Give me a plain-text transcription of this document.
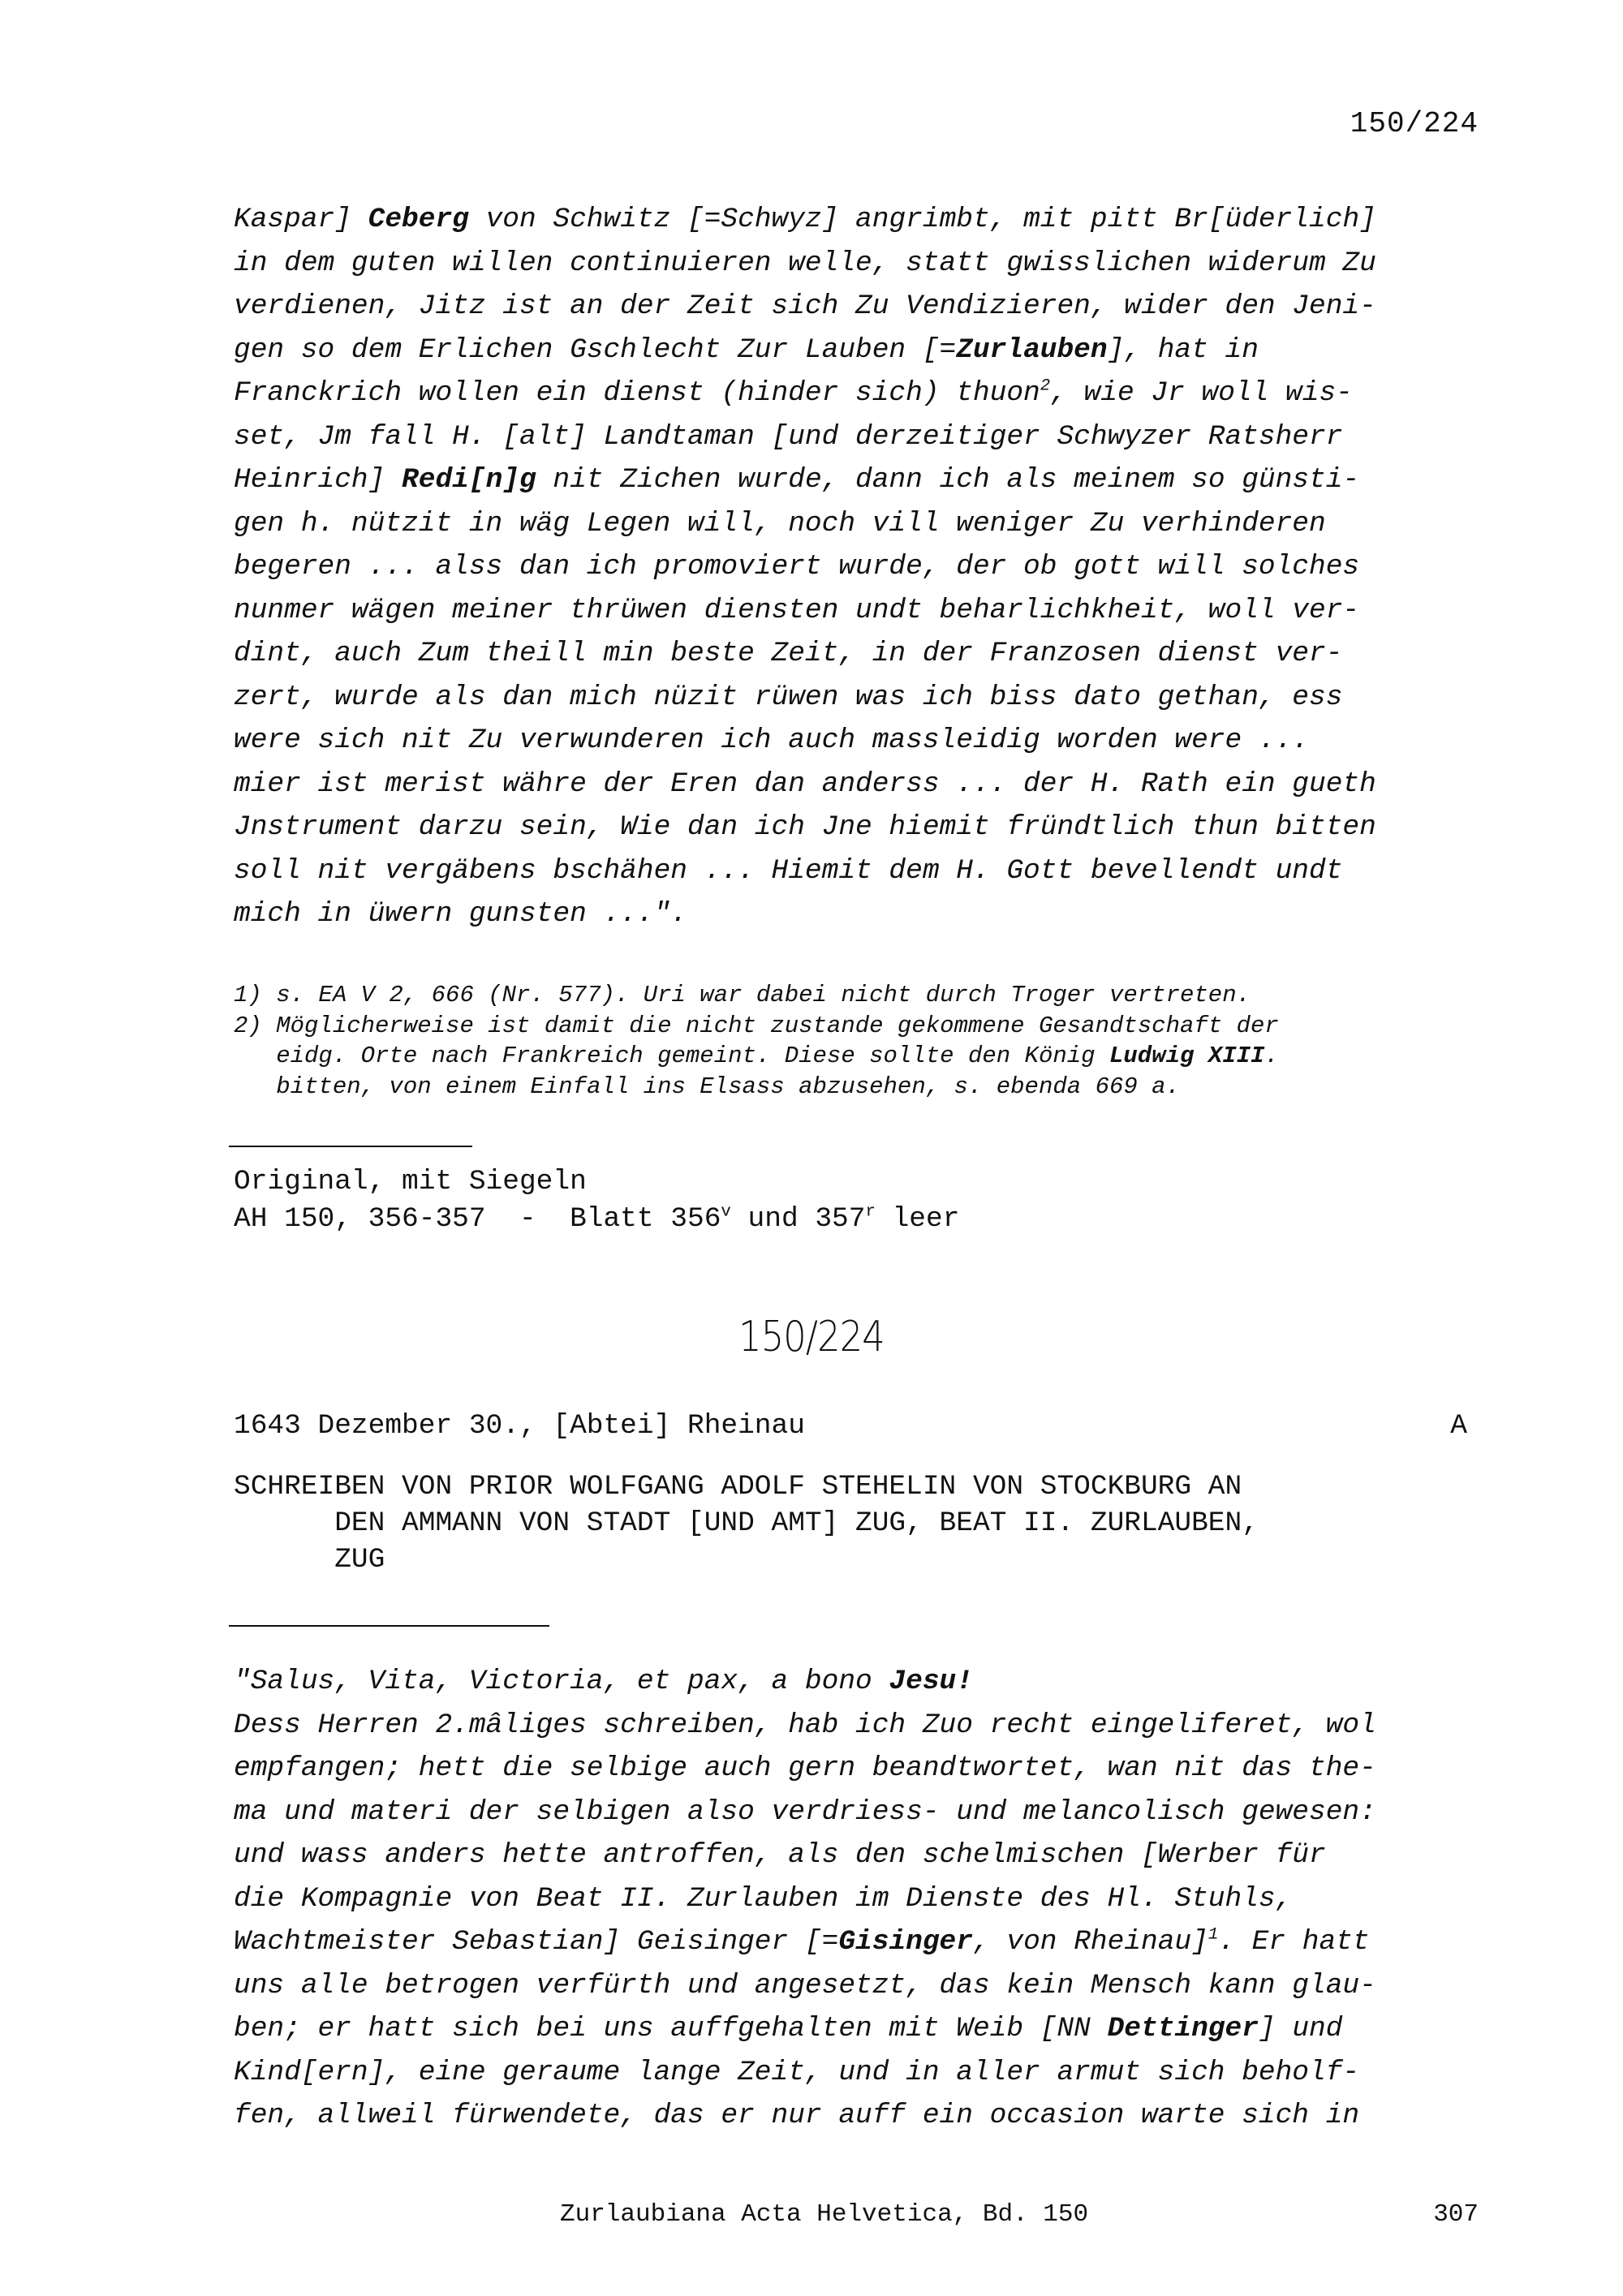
150/224
Kaspar] Ceberg von Schwitz [=Schwyz] angrimbt, mit pitt Br[üderlich]
in dem guten willen continuieren welle, statt gwisslichen widerum Zu
verdienen, Jitz ist an der Zeit sich Zu Vendizieren, wider den Jeni-
gen so dem Erlichen Gschlecht Zur Lauben [=Zurlauben], hat in
Franckrich wollen ein dienst (hinder sich) thuon$^2$, wie Jr woll wis-
set, Jm fall H. [alt] Landtaman [und derzeitiger Schwyzer Ratsherr
Heinrich] Redi[n]g nit Zichen wurde, dann ich als meinem so günsti-
gen h. nützit in wäg Legen will, noch vill weniger Zu verhinderen
begeren ... alss dan ich promoviert wurde, der ob gott will solches
nunmer wägen meiner thrüwen diensten undt beharlichkheit, woll ver-
dint, auch Zum theill min beste Zeit, in der Franzosen dienst ver-
zert, wurde als dan mich nüzit rüwen was ich biss dato gethan, ess
were sich nit Zu verwunderen ich auch massleidig worden were ...
mier ist merist währe der Eren dan anderss ... der H. Rath ein gueth
Jnstrument darzu sein, Wie dan ich Jne hiemit fründtlich thun bitten
soll nit vergäbens bschähen ... Hiemit dem H. Gott bevellendt undt
mich in üwern gunsten ...".
1) s. EA V 2, 666 (Nr. 577). Uri war dabei nicht durch Troger vertreten.
2) Möglicherweise ist damit die nicht zustande gekommene Gesandtschaft der
eidg. Orte nach Frankreich gemeint. Diese sollte den König Ludwig XIII.
bitten, von einem Einfall ins Elsass abzusehen, s. ebenda 669 a.
Original, mit Siegeln
AH 150, 356-357  -  Blatt 356$^v$ und 357$^r$ leer
150/224
1643 Dezember 30., [Abtei] Rheinau	A
SCHREIBEN VON PRIOR WOLFGANG ADOLF STEHELIN VON STOCKBURG AN
DEN AMMANN VON STADT [UND AMT] ZUG, BEAT II. ZURLAUBEN,
ZUG
"Salus, Vita, Victoria, et pax, a bono Jesu!
Dess Herren 2.mâliges schreiben, hab ich Zuo recht eingeliferet, wol
empfangen; hett die selbige auch gern beandtwortet, wan nit das the-
ma und materi der selbigen also verdriess- und melancolisch gewesen:
und wass anders hette antroffen, als den schelmischen [Werber für
die Kompagnie von Beat II. Zurlauben im Dienste des Hl. Stuhls,
Wachtmeister Sebastian] Geisinger [=Gisinger, von Rheinau]$^1$. Er hatt
uns alle betrogen verfürth und angesetzt, das kein Mensch kann glau-
ben; er hatt sich bei uns auffgehalten mit Weib [NN Dettinger] und
Kind[ern], eine geraume lange Zeit, und in aller armut sich beholf-
fen, allweil fürwendete, das er nur auff ein occasion warte sich in
Zurlaubiana Acta Helvetica, Bd. 150	307
